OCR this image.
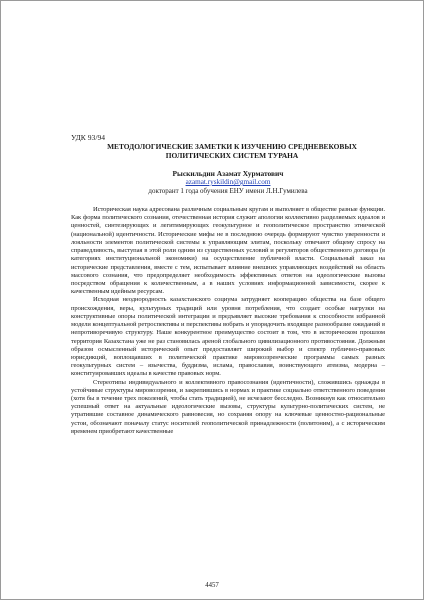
УДК 93/94

МЕТОДОЛОГИЧЕСКИЕ ЗАМЕТКИ К ИЗУЧЕНИЮ СРЕДНЕВЕКОВЫХ
ПОЛИТИЧЕСКИХ СИСТЕМ ТУРАНА

Рыскильдин Азамат Хурматович

azamat.ryskildin@gmail.com

докторант 1 года обучения ЕНУ имени Л.Н.Гумилева

Историческая наука адресована различным социальным кругам и выполняет в обществе разные функции. Как форма политического сознания, отечественная история служит апологии коллективно разделяемых идеалов и ценностей, синтезирующих и легитимирующих геокультурное и геополитическое пространство этнической (национальной) идентичности. Исторические мифы не в последнюю очередь формируют чувство уверенности и лояльности элементов политической системы к управляющим элитам, поскольку отвечают общему спросу на справедливость, выступая в этой роли одним из существенных условий и регуляторов общественного договора (в категориях институциональной экономики) на осуществление публичной власти. Социальный заказ на исторические представления, вместе с тем, испытывает влияние внешних управляющих воздействий на область массового сознания, что предопределяет необходимость эффективных ответов на идеологические вызовы посредством обращения к количественным, а в наших условиях информационной зависимости, скорее к качественным идейным ресурсам.

Исходная неоднородность казахстанского социума затрудняет кооперацию общества на базе общего происхождения, веры, культурных традиций или уровня потребления, что создает особые нагрузки на конструктивные опоры политической интеграции и предъявляет высокие требования к способности избранной модели концептуальной ретроспективы и перспективы вобрать и упорядочить входящее разнообразие ожиданий в непротиворечивую структуру. Наше конкурентное преимущество состоит в том, что в историческом прошлом территория Казахстана уже не раз становилась ареной глобального цивилизационного противостояния. Должным образом осмысленный исторический опыт предоставляет широкий выбор и спектр публично-правовых юрисдикций, воплощавших в политической практике мировоззренческие программы самых разных геокультурных систем – язычества, буддизма, ислама, православия, воинствующего атеизма, модерна – конституировавших идеалы в качестве правовых норм.

Стереотипы индивидуального и коллективного правосознания (идентичности), сложившись однажды в устойчивые структуры мировоззрения, и закрепившись в нормах и практике социально ответственного поведения (хотя бы в течение трех поколений, чтобы стать традицией), не исчезают бесследно. Возникнув как относительно успешный ответ на актуальные идеологические вызовы, структуры культурно-политических систем, не утратившие составное динамического равновесия, но сохраняя опору на ключевые ценностно-рациональные устои, обозначают поначалу статус носителей геополитической принадлежности (политоним), а с историческим временем приобретают качественные

4457
